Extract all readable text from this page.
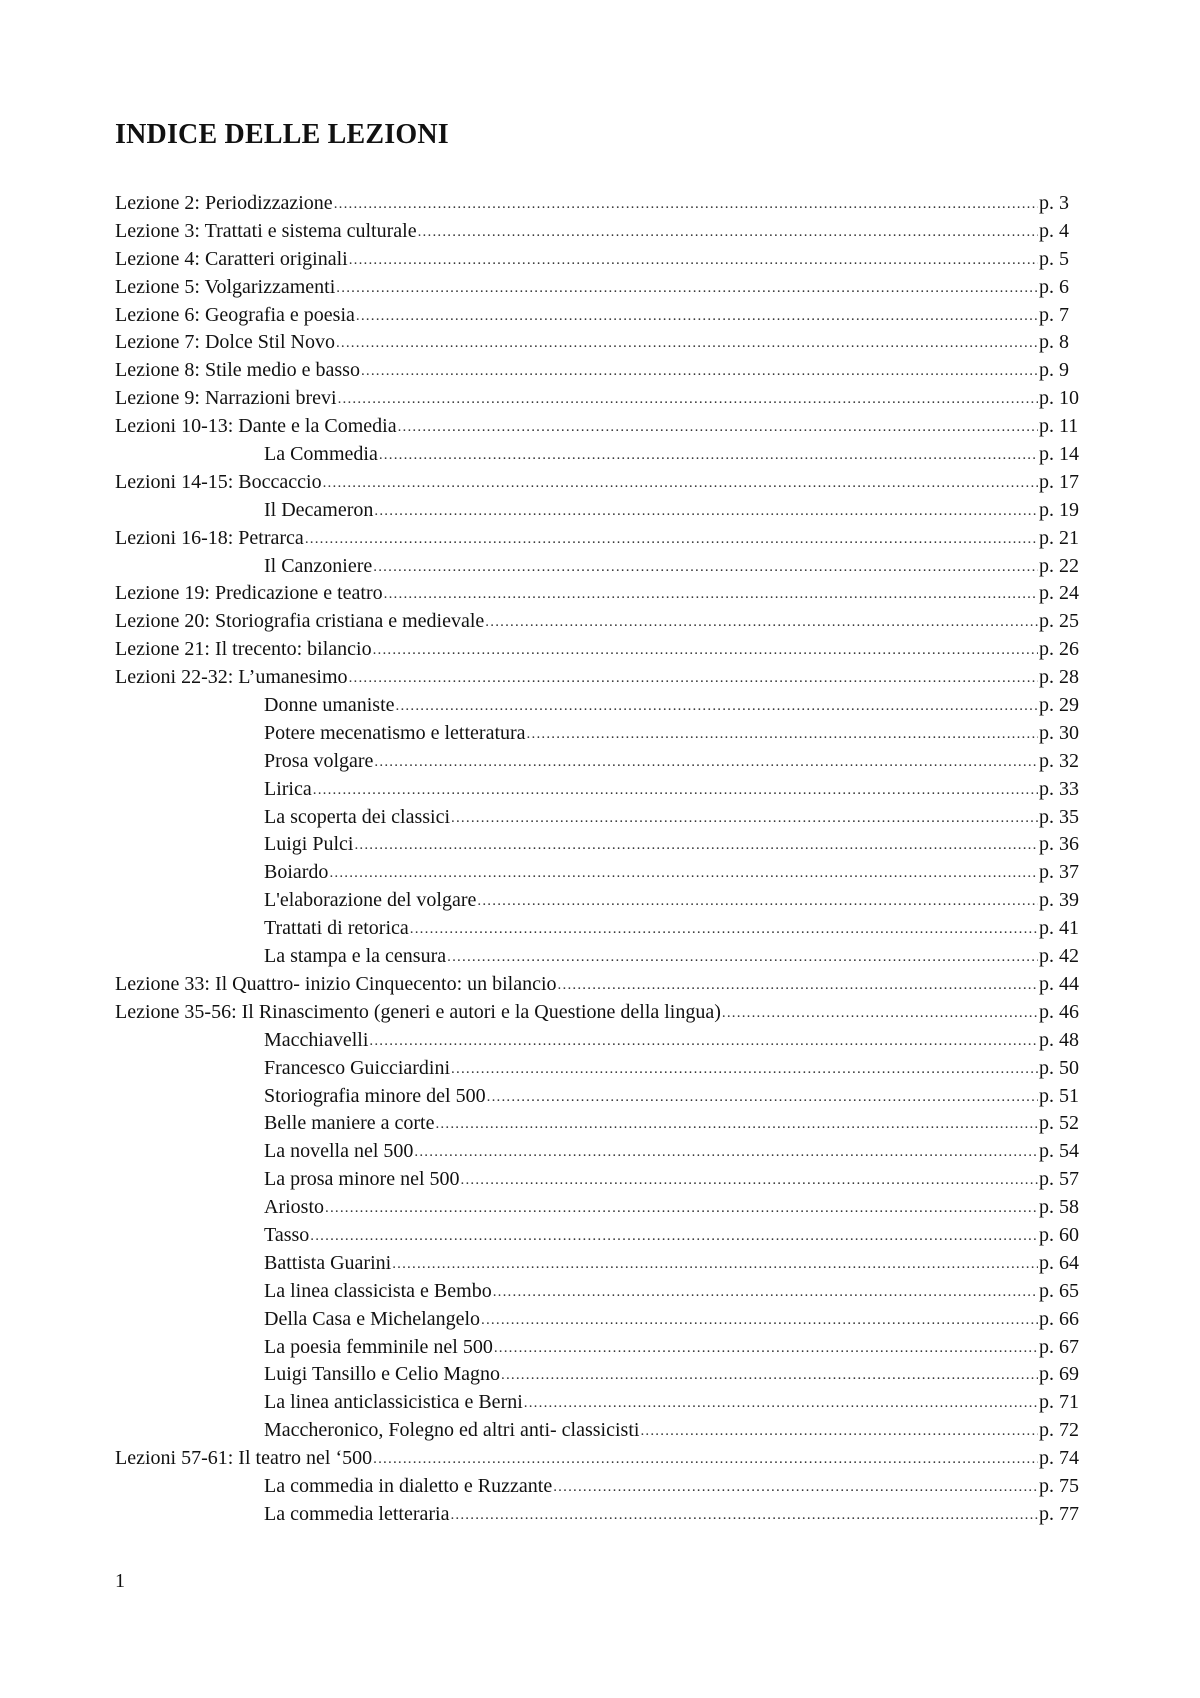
INDICE DELLE LEZIONI
Lezione 2: Periodizzazione .....	p. 3
Lezione 3: Trattati e sistema culturale .....	p. 4
Lezione 4: Caratteri originali .....	p. 5
Lezione 5: Volgarizzamenti .....	p. 6
Lezione 6: Geografia e poesia .....	p. 7
Lezione 7: Dolce Stil Novo .....	p. 8
Lezione 8: Stile medio e basso .....	p. 9
Lezione 9: Narrazioni brevi .....	p. 10
Lezioni 10-13: Dante e la Comedia .....	p. 11
La Commedia .....	p. 14
Lezioni 14-15: Boccaccio .....	p. 17
Il Decameron .....	p. 19
Lezioni 16-18: Petrarca .....	p. 21
Il Canzoniere .....	p. 22
Lezione 19: Predicazione e teatro .....	p. 24
Lezione 20: Storiografia cristiana e medievale .....	p. 25
Lezione 21: Il trecento: bilancio .....	p. 26
Lezioni 22-32: L’umanesimo .....	p. 28
Donne umaniste .....	p. 29
Potere mecenatismo e letteratura .....	p. 30
Prosa volgare .....	p. 32
Lirica .....	p. 33
La scoperta dei classici .....	p. 35
Luigi Pulci .....	p. 36
Boiardo .....	p. 37
L'elaborazione del volgare .....	p. 39
Trattati di retorica .....	p. 41
La stampa e la censura .....	p. 42
Lezione 33: Il Quattro- inizio Cinquecento: un bilancio .....	p. 44
Lezione 35-56: Il Rinascimento (generi e autori e la Questione della lingua) .....	p. 46
Macchiavelli .....	p. 48
Francesco Guicciardini .....	p. 50
Storiografia minore del 500 .....	p. 51
Belle maniere a corte .....	p. 52
La novella nel 500 .....	p. 54
La prosa minore nel 500 .....	p. 57
Ariosto .....	p. 58
Tasso .....	p. 60
Battista Guarini .....	p. 64
La linea classicista e Bembo .....	p. 65
Della Casa e Michelangelo .....	p. 66
La poesia femminile nel 500 .....	p. 67
Luigi Tansillo e Celio Magno .....	p. 69
La linea anticlassicistica e Berni .....	p. 71
Maccheronico, Folegno ed altri anti- classicisti .....	p. 72
Lezioni 57-61: Il teatro nel ‘500 .....	p. 74
La commedia in dialetto e Ruzzante .....	p. 75
La commedia letteraria .....	p. 77
1
